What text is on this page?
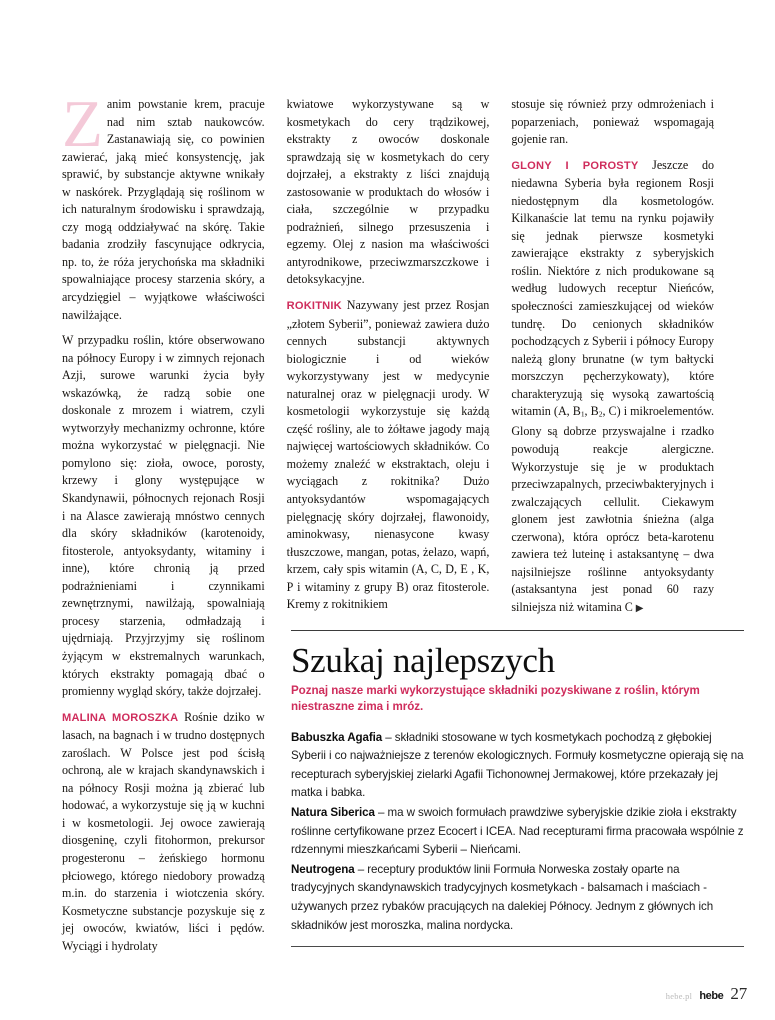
Zanim powstanie krem, pracuje nad nim sztab naukowców. Zastanawiają się, co powinien zawierać, jaką mieć konsystencję, jak sprawić, by substancje aktywne wnikały w naskórek. Przyglądają się roślinom w ich naturalnym środowisku i sprawdzają, czy mogą oddziaływać na skórę. Takie badania zrodziły fascynujące odkrycia, np. to, że róża jerychońska ma składniki spowalniające procesy starzenia skóry, a arcydzięgiel – wyjątkowe właściwości nawilżające.

W przypadku roślin, które obserwowano na północy Europy i w zimnych rejonach Azji, surowe warunki życia były wskazówką, że radzą sobie one doskonale z mrozem i wiatrem, czyli wytworzyły mechanizmy ochronne, które można wykorzystać w pielęgnacji. Nie pomylono się: zioła, owoce, porosty, krzewy i glony występujące w Skandynawii, północnych rejonach Rosji i na Alasce zawierają mnóstwo cennych dla skóry składników (karotenoidy, fitosterole, antyoksydanty, witaminy i inne), które chronią ją przed podrażnieniami i czynnikami zewnętrznymi, nawilżają, spowalniają procesy starzenia, odmładzają i ujędrniają. Przyjrzyjmy się roślinom żyjącym w ekstremalnych warunkach, których ekstrakty pomagają dbać o promienny wygląd skóry, także dojrzałej.

MALINA MOROSZKA Rośnie dziko w lasach, na bagnach i w trudno dostępnych zaroślach. W Polsce jest pod ścisłą ochroną, ale w krajach skandynawskich i na północy Rosji można ją zbierać lub hodować, a wykorzystuje się ją w kuchni i w kosmetologii. Jej owoce zawierają diosgeninę, czyli fitohormon, prekursor progesteronu – żeńskiego hormonu płciowego, którego niedobory prowadzą m.in. do starzenia i wiotczenia skóry. Kosmetyczne substancje pozyskuje się z jej owoców, kwiatów, liści i pędów. Wyciągi i hydrolaty

kwiatowe wykorzystywane są w kosmetykach do cery trądzikowej, ekstrakty z owoców doskonale sprawdzają się w kosmetykach do cery dojrzałej, a ekstrakty z liści znajdują zastosowanie w produktach do włosów i ciała, szczególnie w przypadku podrażnień, silnego przesuszenia i egzemy. Olej z nasion ma właściwości antyrodnikowe, przeciwzmarszczkowe i detoksykacyjne.

ROKITNIK Nazywany jest przez Rosjan „złotem Syberii”, ponieważ zawiera dużo cennych substancji aktywnych biologicznie i od wieków wykorzystywany jest w medycynie naturalnej oraz w pielęgnacji urody. W kosmetologii wykorzystuje się każdą część rośliny, ale to żółtawe jagody mają najwięcej wartościowych składników. Co możemy znaleźć w ekstraktach, oleju i wyciągach z rokitnika? Dużo antyoksydantów wspomagających pielęgnację skóry dojrzałej, flawonoidy, aminokwasy, nienasycone kwasy tłuszczowe, mangan, potas, żelazo, wapń, krzem, cały spis witamin (A, C, D, E , K, P i witaminy z grupy B) oraz fitosterole. Kremy z rokitnikiem

stosuje się również przy odmrożeniach i poparzeniach, ponieważ wspomagają gojenie ran.

GLONY I POROSTY Jeszcze do niedawna Syberia była regionem Rosji niedostępnym dla kosmetologów. Kilkanaście lat temu na rynku pojawiły się jednak pierwsze kosmetyki zawierające ekstrakty z syberyjskich roślin. Niektóre z nich produkowane są według ludowych receptur Nieńców, społeczności zamieszkującej od wieków tundrę. Do cenionych składników pochodzących z Syberii i północy Europy należą glony brunatne (w tym bałtycki morszczyn pęcherzykowaty), które charakteryzują się wysoką zawartością witamin (A, $B_1$, $B_2$, C) i mikroelementów. Glony są dobrze przyswajalne i rzadko powodują reakcje alergiczne. Wykorzystuje się je w produktach przeciwzapalnych, przeciwbakteryjnych i zwalczających cellulit. Ciekawym glonem jest zawłotnia śnieżna (alga czerwona), która oprócz beta-karotenu zawiera też luteinę i astaksantynę – dwa najsilniejsze roślinne antyoksydanty (astaksantyna jest ponad 60 razy silniejsza niż witamina C ▶

Szukaj najlepszych
Poznaj nasze marki wykorzystujące składniki pozyskiwane z roślin, którym niestraszne zima i mróz.

Babuszka Agafia – składniki stosowane w tych kosmetykach pochodzą z głębokiej Syberii i co najważniejsze z terenów ekologicznych. Formuły kosmetyczne opierają się na recepturach syberyjskiej zielarki Agafii Tichonownej Jermakowej, które przekazały jej matka i babka.

Natura Siberica – ma w swoich formułach prawdziwe syberyjskie dzikie zioła i ekstrakty roślinne certyfikowane przez Ecocert i ICEA. Nad recepturami firma pracowała wspólnie z rdzennymi mieszkańcami Syberii – Nieńcami.

Neutrogena – receptury produktów linii Formuła Norweska zostały oparte na tradycyjnych skandynawskich tradycyjnych kosmetykach - balsamach i maściach - używanych przez rybaków pracujących na dalekiej Północy. Jednym z głównych ich składników jest moroszka, malina nordycka.

hebe.pl hebe 27
